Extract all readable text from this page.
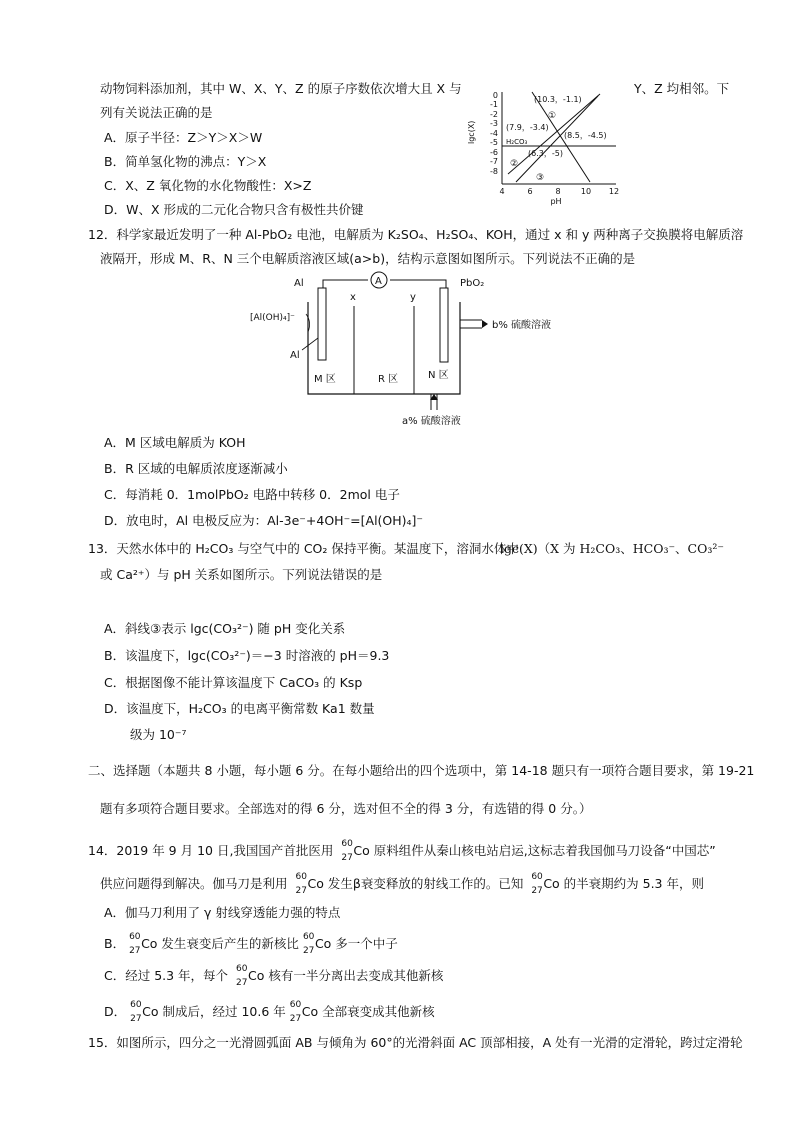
动物饲料添加剂，其中 W、X、Y、Z 的原子序数依次增大且 X 与	Y、Z 均相邻。下
列有关说法正确的是
A．原子半径：Z＞Y＞X＞W
B．简单氢化物的沸点：Y＞X
C．X、Z 氧化物的水化物酸性：X>Z
D．W、X 形成的二元化合物只含有极性共价键
0
-1
-2
-3
-4
-5
-6
-7
-8
lgc(X)
4	6	8	10 12
pH
(10.3，-1.1)
(7.9，-3.4)
(8.5，-4.5)
(6.3，-5)
H₂CO₃
①
②
③
12．科学家最近发明了一种 Al-PbO₂ 电池，电解质为 K₂SO₄、H₂SO₄、KOH，通过 x 和 y 两种离子交换膜将电解质溶
液隔开，形成 M、R、N 三个电解质溶液区域(a>b)，结构示意图如图所示。下列说法不正确的是
A
Al	PbO₂
x	y
[Al(OH)₄]⁻
Al
M 区	R 区	N 区
b% 硫酸溶液
a% 硫酸溶液
A．M 区域电解质为 KOH
B．R 区域的电解质浓度逐渐减小
C．每消耗 0．1molPbO₂ 电路中转移 0．2mol 电子
D．放电时，Al 电极反应为：Al-3e⁻+4OH⁻=[Al(OH)₄]⁻
13．天然水体中的 H₂CO₃ 与空气中的 CO₂ 保持平衡。某温度下，溶洞水体中
lgc(X)（X 为 H₂CO₃、HCO₃⁻、CO₃²⁻
或 Ca²⁺）与 pH 关系如图所示。下列说法错误的是
A．斜线③表示 lgc(CO₃²⁻) 随 pH 变化关系
B．该温度下，lgc(CO₃²⁻)＝−3 时溶液的 pH＝9.3
C．根据图像不能计算该温度下 CaCO₃ 的 Ksp
D．该温度下，H₂CO₃ 的电离平衡常数 Ka1 数量
级为 10⁻⁷
二、选择题（本题共 8 小题，每小题 6 分。在每小题给出的四个选项中，第 14-18 题只有一项符合题目要求，第 19-21
题有多项符合题目要求。全部选对的得 6 分，选对但不全的得 3 分，有选错的得 0 分。）
14．2019 年 9 月 10 日,我国国产首批医用 60
27 Co 原料组件从秦山核电站启运,这标志着我国伽马刀设备“中国芯”
供应问题得到解决。伽马刀是利用 60
27 Co 发生β衰变释放的射线工作的。已知 60
27 Co 的半衰期约为 5.3 年，则
A．伽马刀利用了 γ 射线穿透能力强的特点
B． 60
27 Co 发生衰变后产生的新核比 60
27 Co 多一个中子
C．经过 5.3 年，每个 60
27 Co 核有一半分离出去变成其他新核
D． 60
27 Co 制成后，经过 10.6 年 60
27 Co 全部衰变成其他新核
15．如图所示，四分之一光滑圆弧面 AB 与倾角为 60°的光滑斜面 AC 顶部相接，A 处有一光滑的定滑轮，跨过定滑轮
